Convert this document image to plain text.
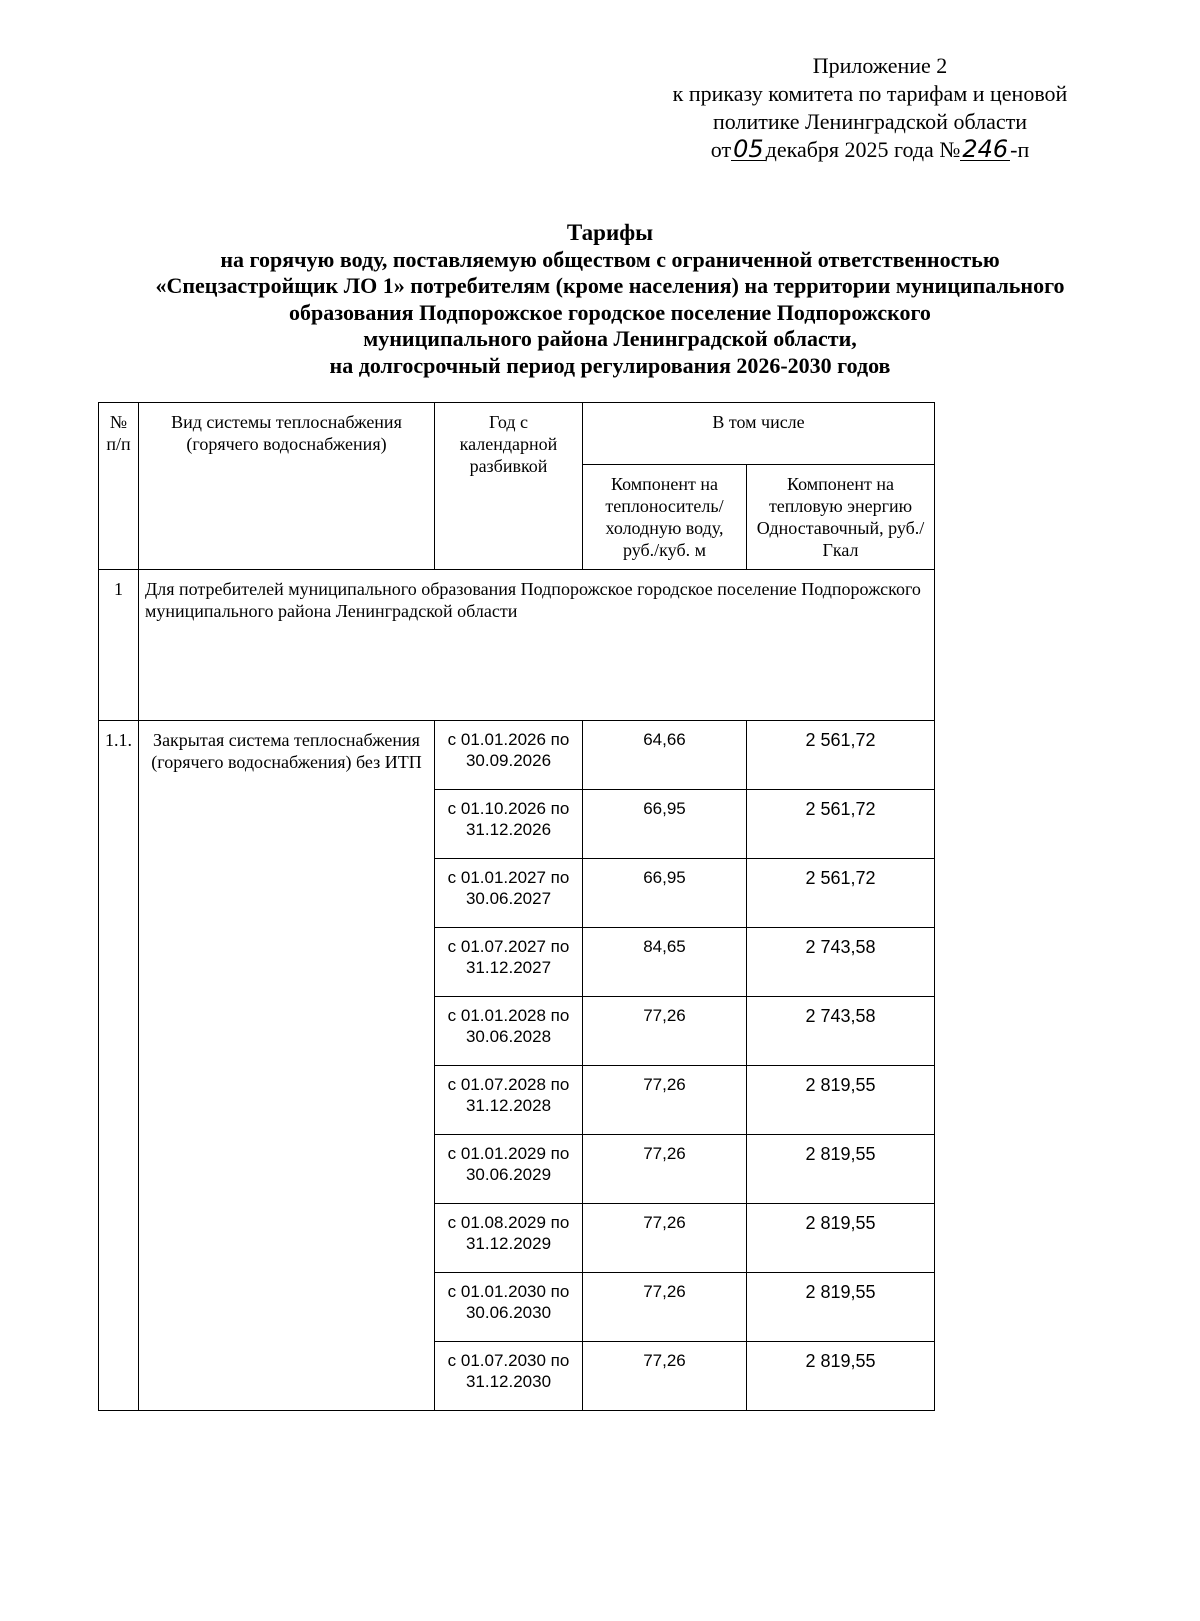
Приложение 2
к приказу комитета по тарифам и ценовой
политике Ленинградской области
от05декабря 2025 года №246-п
Тарифы
на горячую воду, поставляемую обществом с ограниченной ответственностью
«Спецзастройщик ЛО 1» потребителям (кроме населения) на территории муниципального
образования Подпорожское городское поселение Подпорожского
муниципального района Ленинградской области,
на долгосрочный период регулирования 2026-2030 годов
№ п/п	Вид системы теплоснабжения (горячего водоснабжения)	Год с календарной разбивкой	В том числе	
			Компонент на теплоноситель/холодную воду, руб./куб. м	Компонент на тепловую энергию Одноставочный, руб./Гкал
1	Для потребителей муниципального образования Подпорожское городское поселение Подпорожского муниципального района Ленинградской области			
1.1.	Закрытая система теплоснабжения (горячего водоснабжения) без ИТП	с 01.01.2026 по 30.09.2026	64,66	2 561,72
		с 01.10.2026 по 31.12.2026	66,95	2 561,72
		с 01.01.2027 по 30.06.2027	66,95	2 561,72
		с 01.07.2027 по 31.12.2027	84,65	2 743,58
		с 01.01.2028 по 30.06.2028	77,26	2 743,58
		с 01.07.2028 по 31.12.2028	77,26	2 819,55
		с 01.01.2029 по 30.06.2029	77,26	2 819,55
		с 01.08.2029 по 31.12.2029	77,26	2 819,55
		с 01.01.2030 по 30.06.2030	77,26	2 819,55
		с 01.07.2030 по 31.12.2030	77,26	2 819,55
